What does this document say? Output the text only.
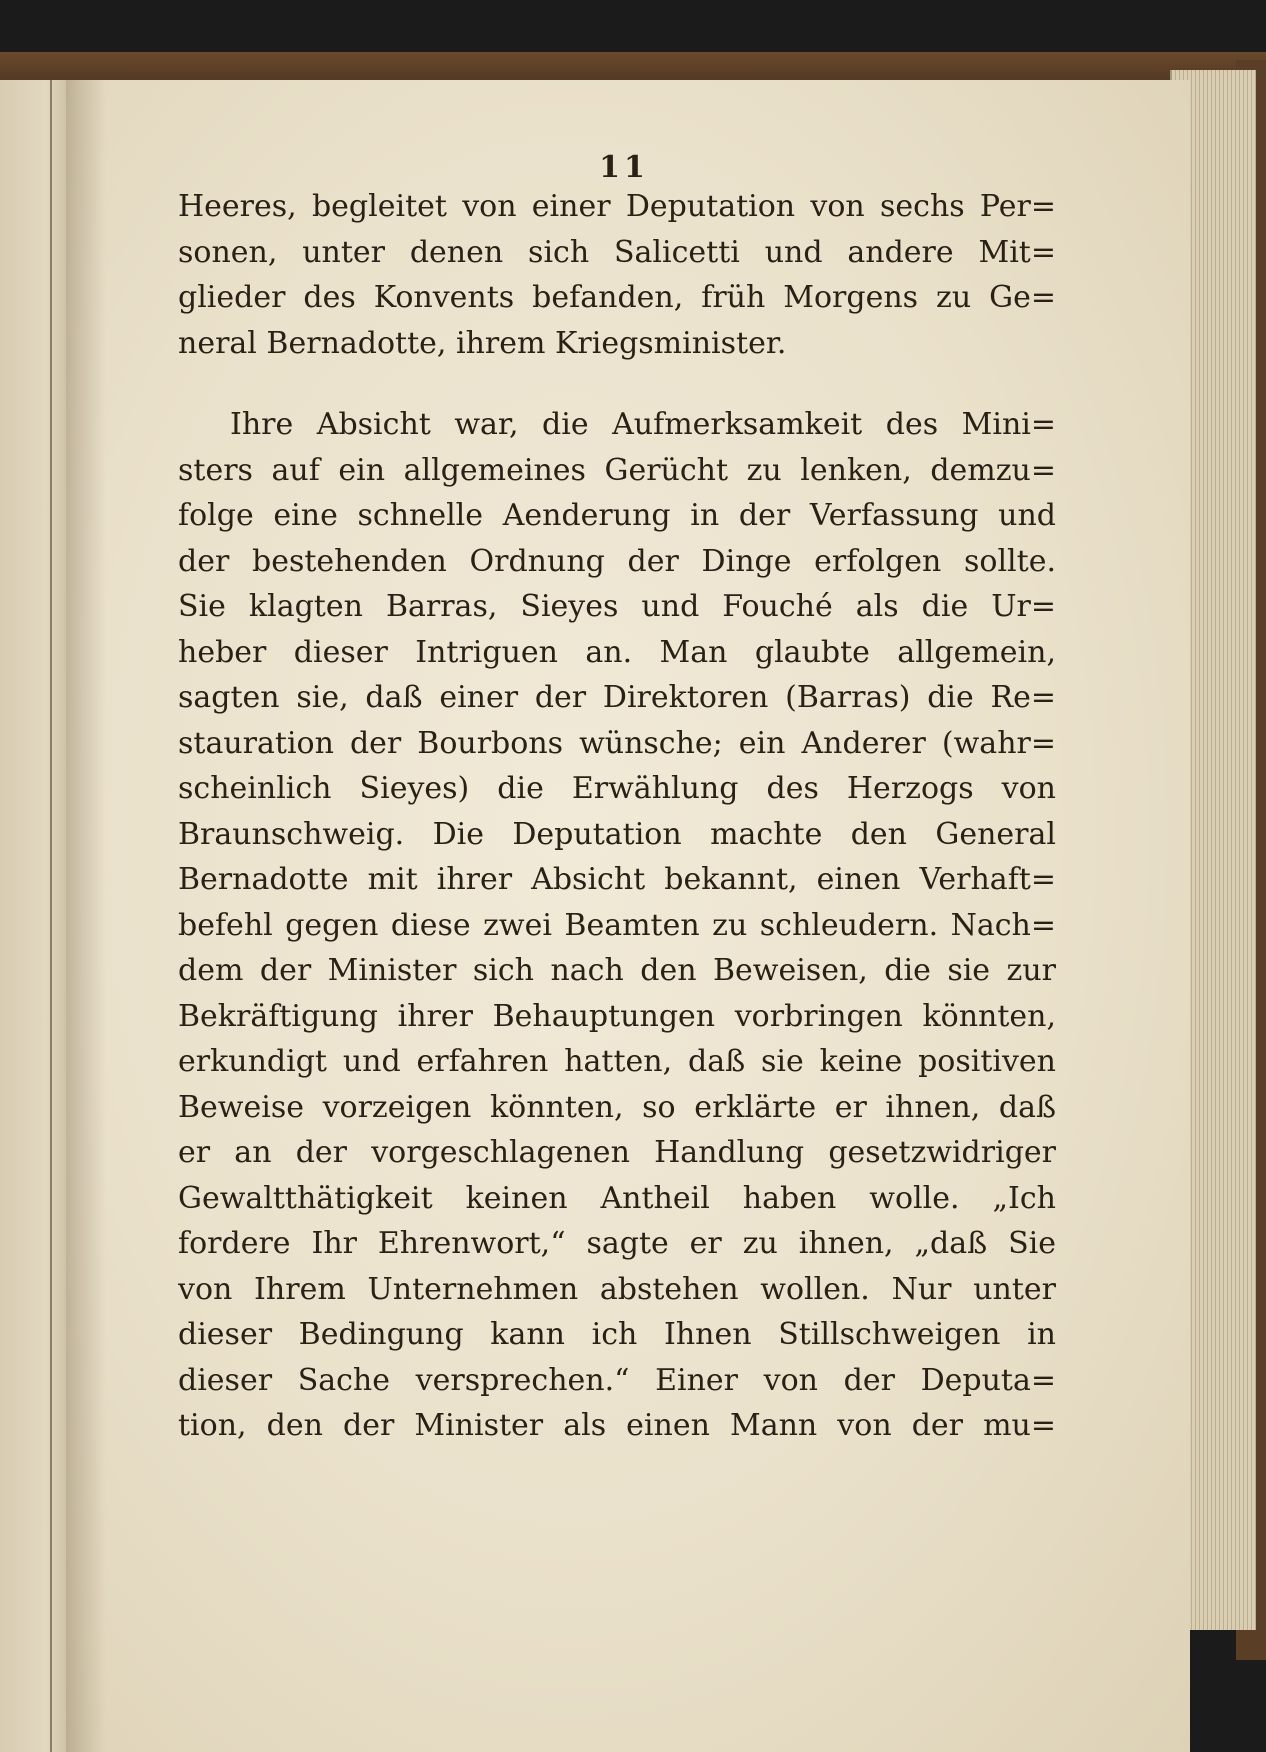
11
Heeres, begleitet von einer Deputation von sechs Per=
sonen, unter denen sich Salicetti und andere Mit=
glieder des Konvents befanden, früh Morgens zu Ge=
neral Bernadotte, ihrem Kriegsminister.
Ihre Absicht war, die Aufmerksamkeit des Mini=
sters auf ein allgemeines Gerücht zu lenken, demzu=
folge eine schnelle Aenderung in der Verfassung und
der bestehenden Ordnung der Dinge erfolgen sollte.
Sie klagten Barras, Sieyes und Fouché als die Ur=
heber dieser Intriguen an. Man glaubte allgemein,
sagten sie, daß einer der Direktoren (Barras) die Re=
stauration der Bourbons wünsche; ein Anderer (wahr=
scheinlich Sieyes) die Erwählung des Herzogs von
Braunschweig. Die Deputation machte den General
Bernadotte mit ihrer Absicht bekannt, einen Verhaft=
befehl gegen diese zwei Beamten zu schleudern. Nach=
dem der Minister sich nach den Beweisen, die sie zur
Bekräftigung ihrer Behauptungen vorbringen könnten,
erkundigt und erfahren hatten, daß sie keine positiven
Beweise vorzeigen könnten, so erklärte er ihnen, daß
er an der vorgeschlagenen Handlung gesetzwidriger
Gewaltthätigkeit keinen Antheil haben wolle. „Ich
fordere Ihr Ehrenwort,“ sagte er zu ihnen, „daß Sie
von Ihrem Unternehmen abstehen wollen. Nur unter
dieser Bedingung kann ich Ihnen Stillschweigen in
dieser Sache versprechen.“ Einer von der Deputa=
tion, den der Minister als einen Mann von der mu=
